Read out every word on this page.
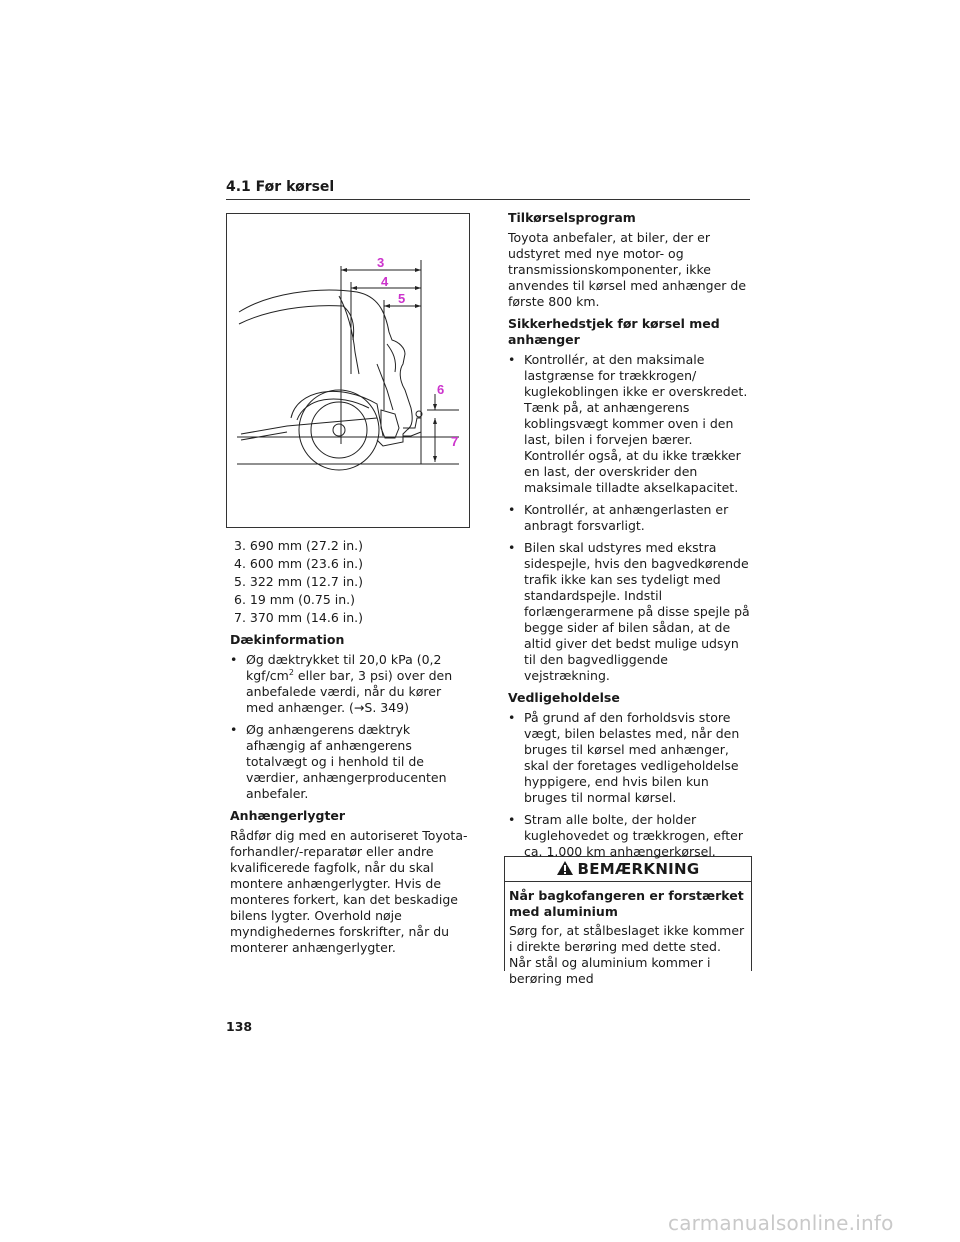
4.1 Før kørsel
3
4
5
6
7
3. 690 mm (27.2 in.)
4. 600 mm (23.6 in.)
5. 322 mm (12.7 in.)
6. 19 mm (0.75 in.)
7. 370 mm (14.6 in.)
Dækinformation
• Øg dæktrykket til 20,0 kPa (0,2 kgf/$cm^2$ eller bar, 3 psi) over den anbefalede værdi, når du kører med anhænger. (→S. 349)
• Øg anhængerens dæktryk afhængig af anhængerens totalvægt og i henhold til de værdier, anhængerproducenten anbefaler.
Anhængerlygter
Rådfør dig med en autoriseret Toyota-forhandler/-reparatør eller andre kvalificerede fagfolk, når du skal montere anhængerlygter. Hvis de monteres forkert, kan det beskadige bilens lygter. Overhold nøje myndighedernes forskrifter, når du monterer anhængerlygter.
Tilkørselsprogram
Toyota anbefaler, at biler, der er udstyret med nye motor- og transmissionskomponenter, ikke anvendes til kørsel med anhænger de første 800 km.
Sikkerhedstjek før kørsel med anhænger
• Kontrollér, at den maksimale lastgrænse for trækkrogen/ kuglekoblingen ikke er overskredet. Tænk på, at anhængerens koblingsvægt kommer oven i den last, bilen i forvejen bærer. Kontrollér også, at du ikke trækker en last, der overskrider den maksimale tilladte akselkapacitet.
• Kontrollér, at anhængerlasten er anbragt forsvarligt.
• Bilen skal udstyres med ekstra sidespejle, hvis den bagvedkørende trafik ikke kan ses tydeligt med standardspejle. Indstil forlængerarmene på disse spejle på begge sider af bilen sådan, at de altid giver det bedst mulige udsyn til den bagvedliggende vejstrækning.
Vedligeholdelse
• På grund af den forholdsvis store vægt, bilen belastes med, når den bruges til kørsel med anhænger, skal der foretages vedligeholdelse hyppigere, end hvis bilen kun bruges til normal kørsel.
• Stram alle bolte, der holder kuglehovedet og trækkrogen, efter ca. 1.000 km anhængerkørsel.
BEMÆRKNING
Når bagkofangeren er forstærket med aluminium
Sørg for, at stålbeslaget ikke kommer i direkte berøring med dette sted. Når stål og aluminium kommer i berøring med
138
carmanualsonline.info
